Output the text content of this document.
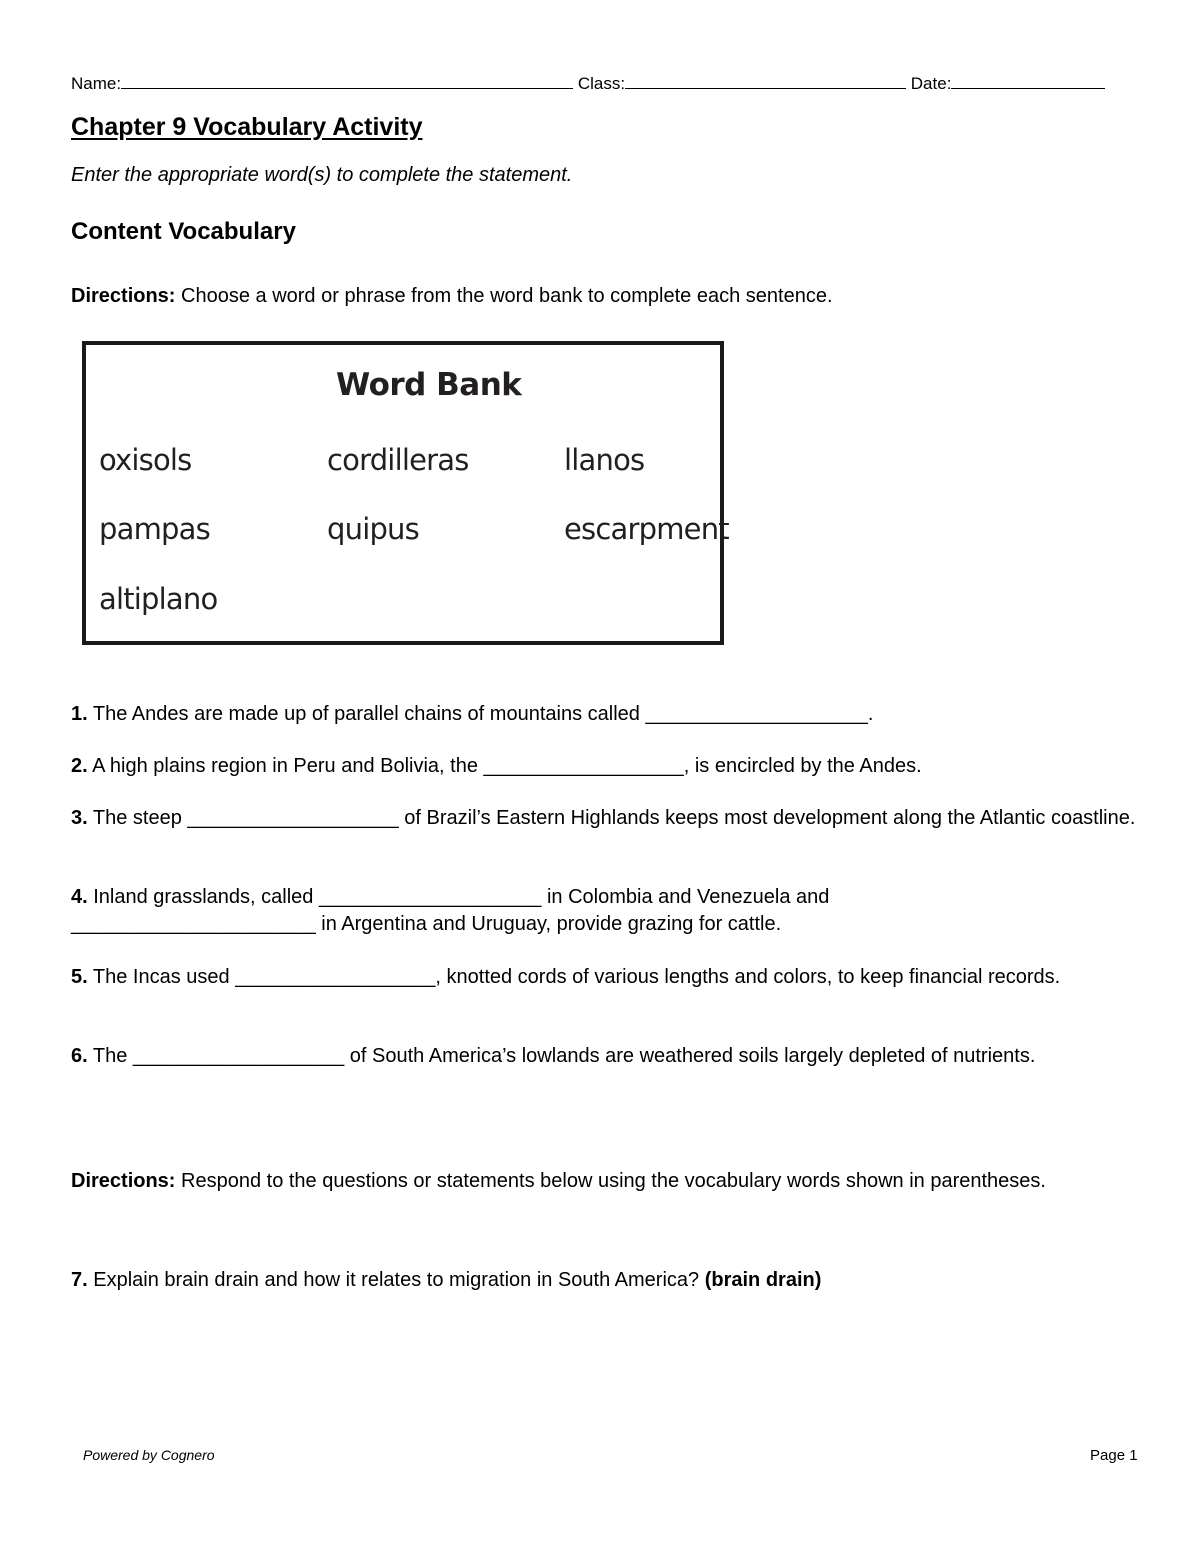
Name:	Class:	Date:
Chapter 9 Vocabulary Activity
Enter the appropriate word(s) to complete the statement.
Content Vocabulary
Directions: Choose a word or phrase from the word bank to complete each sentence.
Word Bank
oxisols	cordilleras	llanos
pampas	quipus	escarpment
altiplano
1. The Andes are made up of parallel chains of mountains called ____________________.
2. A high plains region in Peru and Bolivia, the __________________, is encircled by the Andes.
3. The steep ___________________ of Brazil’s Eastern Highlands keeps most development along the Atlantic coastline.
4. Inland grasslands, called ____________________ in Colombia and Venezuela and ______________________ in Argentina and Uruguay, provide grazing for cattle.
5. The Incas used __________________, knotted cords of various lengths and colors, to keep financial records.
6. The ___________________ of South America’s lowlands are weathered soils largely depleted of nutrients.
Directions: Respond to the questions or statements below using the vocabulary words shown in parentheses.
7. Explain brain drain and how it relates to migration in South America? (brain drain)
Powered by Cognero	Page 1
